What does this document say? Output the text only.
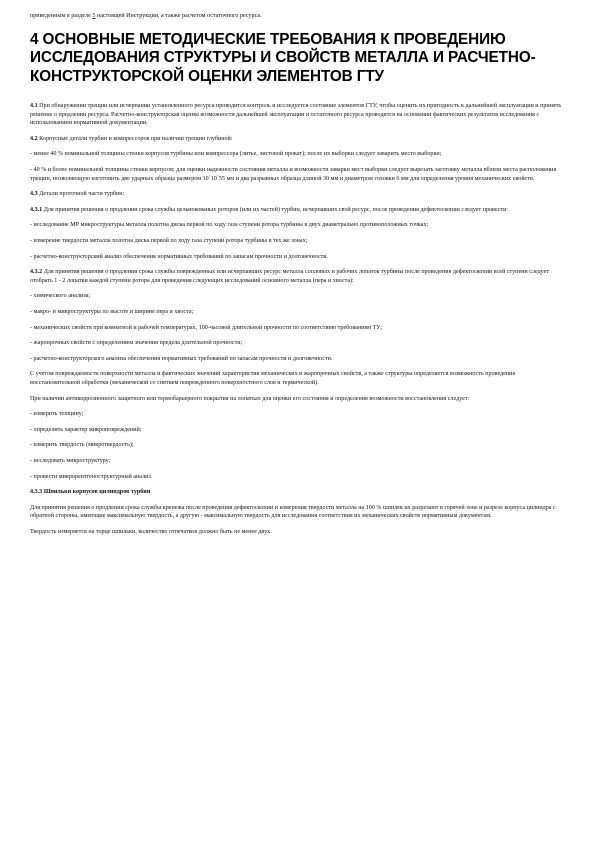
приведенным в разделе 5 настоящей Инструкции, а также расчетом остаточного ресурса.

4 ОСНОВНЫЕ МЕТОДИЧЕСКИЕ ТРЕБОВАНИЯ К ПРОВЕДЕНИЮ ИССЛЕДОВАНИЯ СТРУКТУРЫ И СВОЙСТВ МЕТАЛЛА И РАСЧЕТНО-КОНСТРУКТОРСКОЙ ОЦЕНКИ ЭЛЕМЕНТОВ ГТУ

4.1 При обнаружении трещин или исчерпании установленного ресурса проводится контроль и исследуется состояние элементов ГТУ, чтобы оценить их пригодность к дальнейшей эксплуатации и принять решение о продлении ресурса. Расчетно-конструкторская оценка возможности дальнейшей эксплуатации и остаточного ресурса проводится на основании фактических результатов исследования с использованием нормативной документации.

4.2 Корпусные детали турбин и компрессоров при наличии трещин глубиной:

- менее 40 % номинальной толщины стенки корпусов турбины или компрессора (литье, листовой прокат); после их выборки следует заварить место выборки;

- 40 % и более номинальной толщины стенки корпусов; для оценки надежности состояния металла и возможности заварки мест выборки следует вырезать заготовку металла вблизи места расположения трещин, позволяющую изготовить две ударных образца размером 10´10´55 мм и два разрывных образца длиной 30 мм и диаметром головки 6 мм для определения уровня механических свойств.

4.3 Детали проточной части турбин:

4.3.1 Для принятия решения о продлении срока службы цельнокованых роторов (или их частей) турбин, исчерпавших свой ресурс, после проведения дефектоскопии следует провести:

- исследование МР микроструктуры металла полотна диска первой по ходу газа ступени ротора турбины в двух диаметрально противоположных точках;

- измерение твердости металла полотна диска первой по ходу газа ступени ротора турбины в тех же зонах;

- расчетно-конструкторский анализ обеспечения нормативных требований по запасам прочности и долговечности.

4.3.2 Для принятия решения о продлении срока службы поврежденных или исчерпавших ресурс металла сопловых и рабочих лопаток турбины после проведения дефектоскопии всей ступени следует отобрать 1 - 2 лопатки каждой ступени ротора для проведения следующих исследований основного металла (пера и хвоста):

- химического анализа;

- макро- и микроструктуры по высоте и ширине пера и хвоста;

- механических свойств при комнатной и рабочей температурах, 100-часовой длительной прочности по соответствию требованиям ТУ;

- жаропрочных свойств с определением значения предела длительной прочности;

- расчетно-конструкторского анализа обеспечения нормативных требований по запасам прочности и долговечности.

С учетом повреждаемости поверхности металла и фактических значений характеристик механических и жаропрочных свойств, а также структуры определяется возможность проведения восстановительной обработки (механической со снятием поврежденного поверхностного слоя и термической).

При наличии антикоррозионного защитного или термобарьерного покрытия на лопатках для оценки его состояния и определения возможности восстановления следует:

- измерить толщину;

- определить характер микроповреждений;

- измерить твердость (микротвердость);

- исследовать микроструктуру;

- провести микрорентгеноструктурный анализ.

4.3.3 Шпильки корпусов цилиндров турбин

Для принятия решения о продлении срока службы крепежа после проведения дефектоскопии и измерения твердости металла на 100 % шпилек их разрезают в горячей зоне и разрезе корпуса цилиндра с обратной стороны, имеющие максимальную твердость, а другую - максимальную твердость для исследования соответствия их механических свойств нормативным документам.

Твердость измеряется на торце шпильки, количество отпечатков должно быть не менее двух.
